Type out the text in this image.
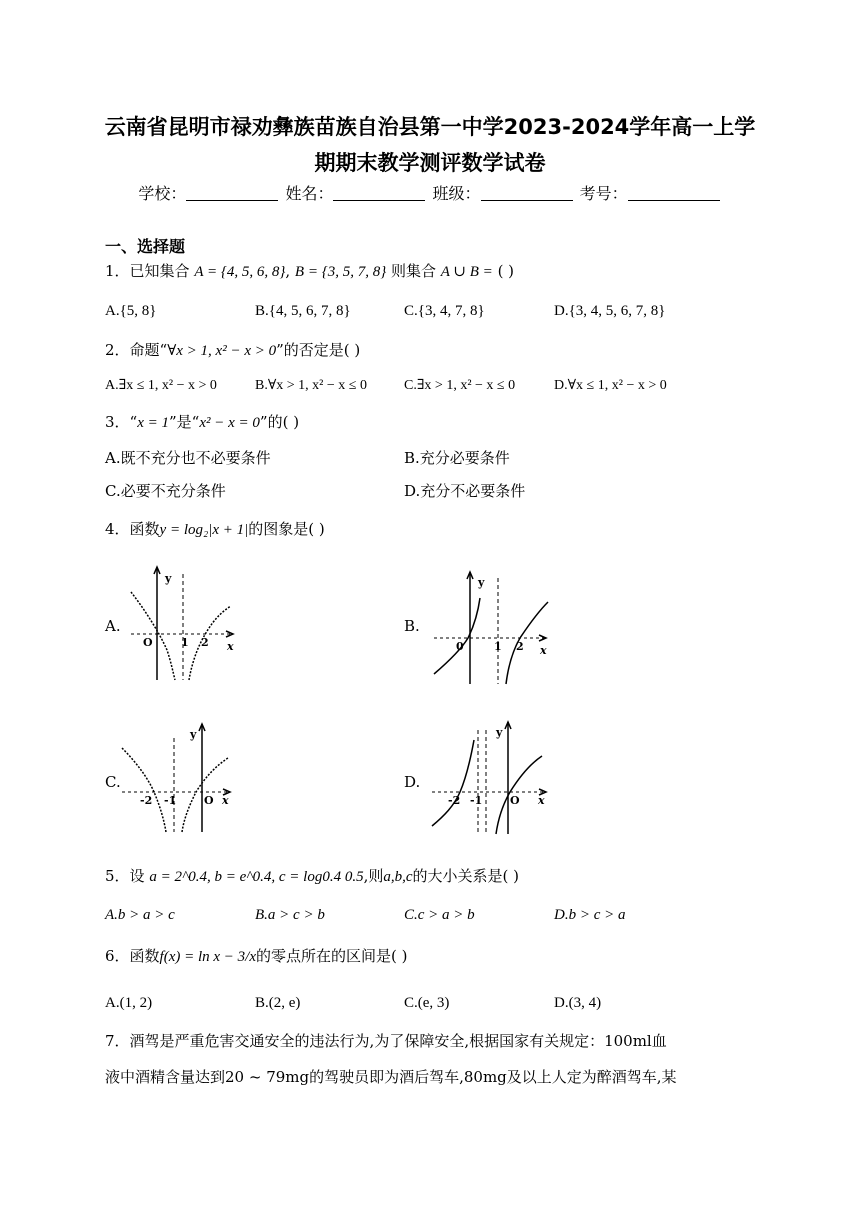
云南省昆明市禄劝彝族苗族自治县第一中学2023-2024学年高一上学
期期末教学测评数学试卷
学校：	姓名：	班级：	考号：
一、选择题
1．已知集合 A = {4, 5, 6, 8}, B = {3, 5, 7, 8} 则集合 A ∪ B = ( )
A.{5, 8}	B.{4, 5, 6, 7, 8}	C.{3, 4, 7, 8}	D.{3, 4, 5, 6, 7, 8}
2．命题“∀x > 1, x² − x > 0”的否定是( )
A.∃x ≤ 1, x² − x > 0	B.∀x > 1, x² − x ≤ 0	C.∃x > 1, x² − x ≤ 0	D.∀x ≤ 1, x² − x > 0
3．“x = 1”是“x² − x = 0”的( )
A.既不充分也不必要条件	B.充分必要条件
C.必要不充分条件	D.充分不必要条件
4．函数y = log₂|x + 1|的图象是( )
A.	B.
C.	D.
y
x
O	1 2
y
x
0	1 2
y
x
O
-2 -1
y
x
O
-2 -1
5．设 a = 2^0.4, b = e^0.4, c = log0.4 0.5,则a,b,c的大小关系是( )
A.b > a > c	B.a > c > b	C.c > a > b	D.b > c > a
6．函数f(x) = ln x − 3/x的零点所在的区间是( )
A.(1, 2)	B.(2, e)	C.(e, 3)	D.(3, 4)
7．酒驾是严重危害交通安全的违法行为,为了保障安全,根据国家有关规定：100ml血
液中酒精含量达到20 ~ 79mg的驾驶员即为酒后驾车,80mg及以上人定为醉酒驾车,某
